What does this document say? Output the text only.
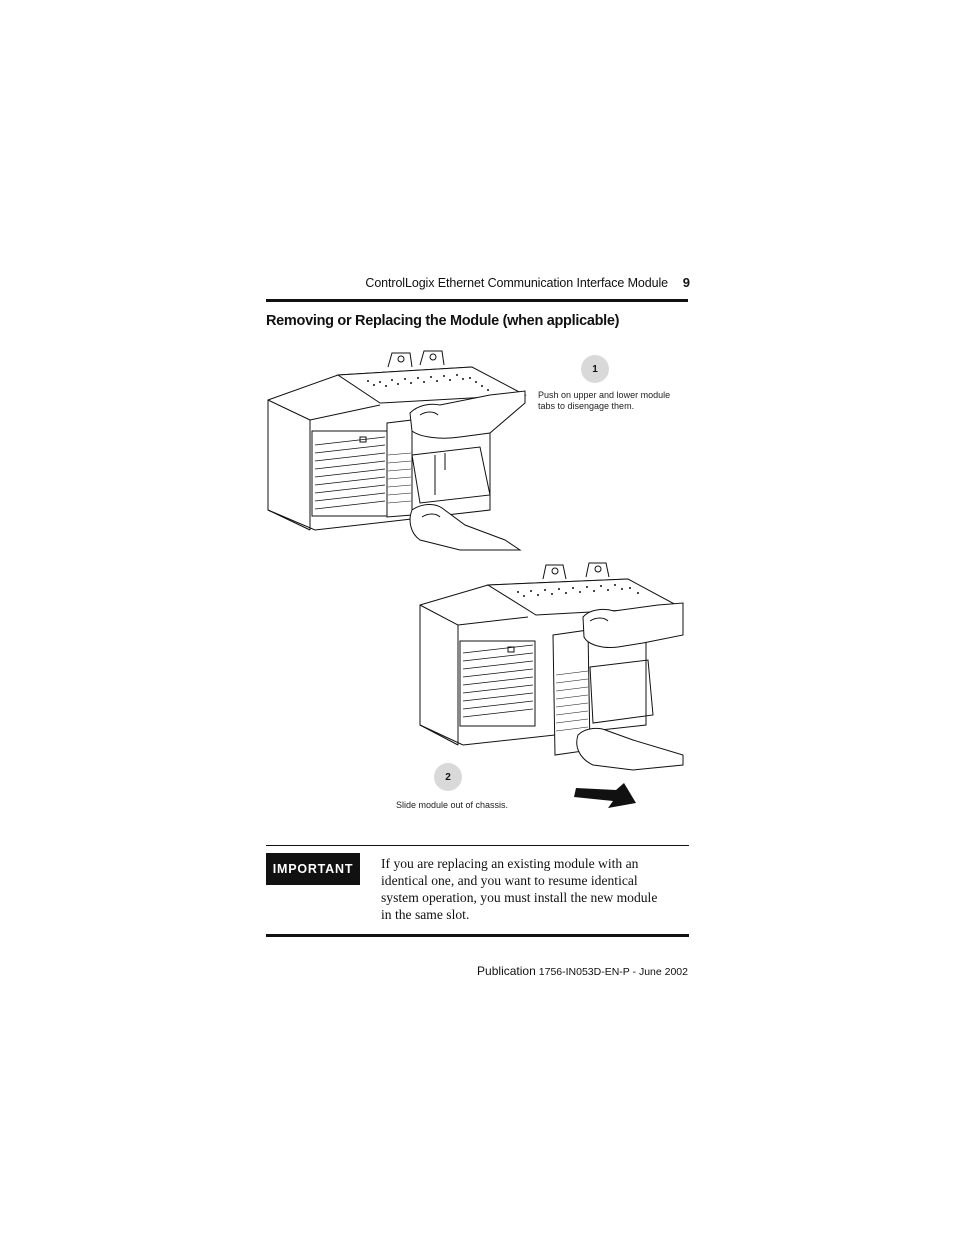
ControlLogix Ethernet Communication Interface Module	9
Removing or Replacing the Module (when applicable)
1
Push on upper and lower module
tabs to disengage them.
2
Slide module out of chassis.
IMPORTANT	If you are replacing an existing module with an
identical one, and you want to resume identical
system operation, you must install the new module
in the same slot.
Publication 1756-IN053D-EN-P - June 2002
